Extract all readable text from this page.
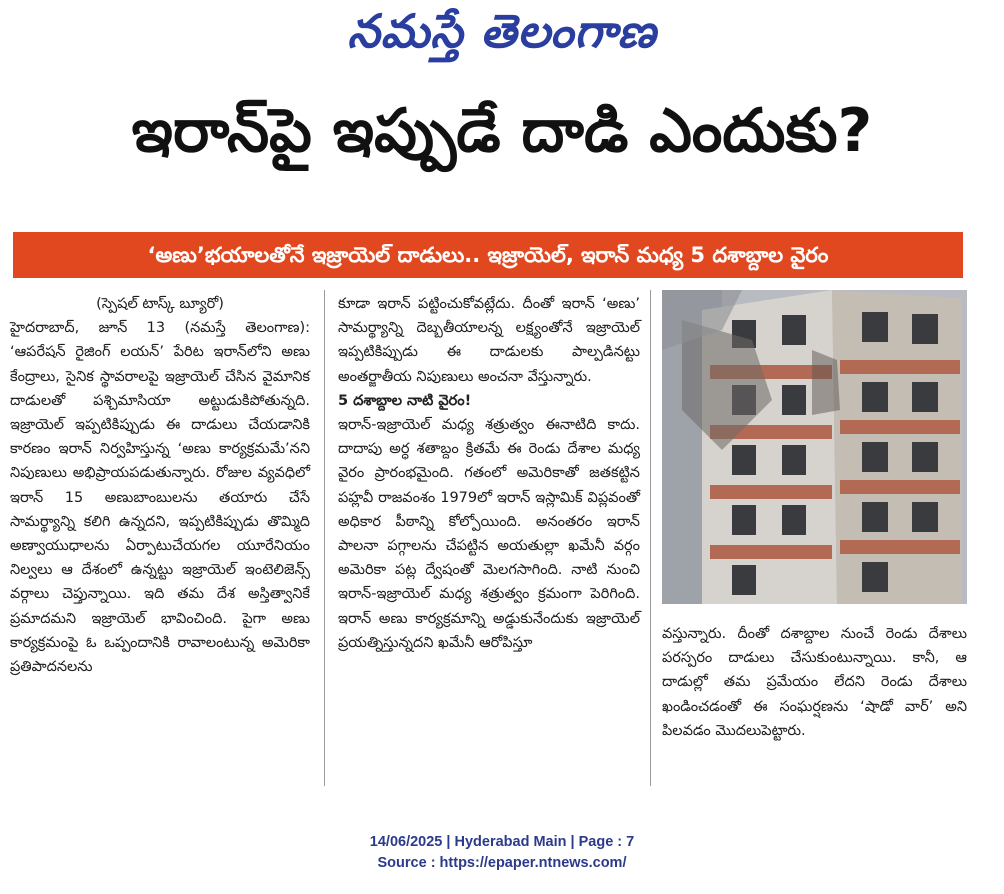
నమస్తే తెలంగాణ
ఇరాన్‌పై ఇప్పుడే దాడి ఎందుకు?
‘అణు’భయాలతోనే ఇజ్రాయెల్ దాడులు.. ఇజ్రాయెల్, ఇరాన్ మధ్య 5 దశాబ్దాల వైరం

(స్పెషల్ టాస్క్ బ్యూరో)

హైదరాబాద్, జూన్ 13 (నమస్తే తెలంగాణ): ‘ఆపరేషన్ రైజింగ్ లయన్’ పేరిట ఇరాన్‌లోని అణు కేంద్రాలు, సైనిక స్థావరాలపై ఇజ్రాయెల్ చేసిన వైమానిక దాడులతో పశ్చిమాసియా అట్టుడుకిపోతున్నది. ఇజ్రాయెల్ ఇప్పటికిప్పుడు ఈ దాడులు చేయడానికి కారణం ఇరాన్ నిర్వహిస్తున్న ‘అణు కార్యక్రమమే’నని నిపుణులు అభిప్రాయపడుతున్నారు. రోజుల వ్యవధిలో ఇరాన్ 15 అణుబాంబులను తయారు చేసే సామర్థ్యాన్ని కలిగి ఉన్నదని, ఇప్పటికిప్పుడు తొమ్మిది అణ్వాయుధాలను ఏర్పాటుచేయగల యూరేనియం నిల్వలు ఆ దేశంలో ఉన్నట్టు ఇజ్రాయెల్ ఇంటెలిజెన్స్ వర్గాలు చెప్తున్నాయి. ఇది తమ దేశ అస్తిత్వానికే ప్రమాదమని ఇజ్రాయెల్ భావించింది. పైగా అణు కార్యక్రమంపై ఓ ఒప్పందానికి రావాలంటున్న అమెరికా ప్రతిపాదనలను

కూడా ఇరాన్ పట్టించుకోవట్లేదు. దీంతో ఇరాన్ ‘అణు’ సామర్థ్యాన్ని దెబ్బతీయాలన్న లక్ష్యంతోనే ఇజ్రాయెల్ ఇప్పటికిప్పుడు ఈ దాడులకు పాల్పడినట్టు అంతర్జాతీయ నిపుణులు అంచనా వేస్తున్నారు.

5 దశాబ్దాల నాటి వైరం!

ఇరాన్-ఇజ్రాయెల్ మధ్య శత్రుత్వం ఈనాటిది కాదు. దాదాపు అర్ధ శతాబ్దం క్రితమే ఈ రెండు దేశాల మధ్య వైరం ప్రారంభమైంది. గతంలో అమెరికాతో జతకట్టిన పహ్లవీ రాజవంశం 1979లో ఇరాన్ ఇస్లామిక్ విప్లవంతో అధికార పీఠాన్ని కోల్పోయింది. అనంతరం ఇరాన్ పాలనా పగ్గాలను చేపట్టిన అయతుల్లా ఖమేనీ వర్గం అమెరికా పట్ల ద్వేషంతో మెలగసాగింది. నాటి నుంచి ఇరాన్-ఇజ్రాయెల్ మధ్య శత్రుత్వం క్రమంగా పెరిగింది. ఇరాన్ అణు కార్యక్రమాన్ని అడ్డుకునేందుకు ఇజ్రాయెల్ ప్రయత్నిస్తున్నదని ఖమేనీ ఆరోపిస్తూ

వస్తున్నారు. దీంతో దశాబ్దాల నుంచే రెండు దేశాలు పరస్పరం దాడులు చేసుకుంటున్నాయి. కానీ, ఆ దాడుల్లో తమ ప్రమేయం లేదని రెండు దేశాలు ఖండించడంతో ఈ సంఘర్షణను ‘షాడో వార్’ అని పిలవడం మొదలుపెట్టారు.

14/06/2025 | Hyderabad Main | Page : 7
Source : https://epaper.ntnews.com/
